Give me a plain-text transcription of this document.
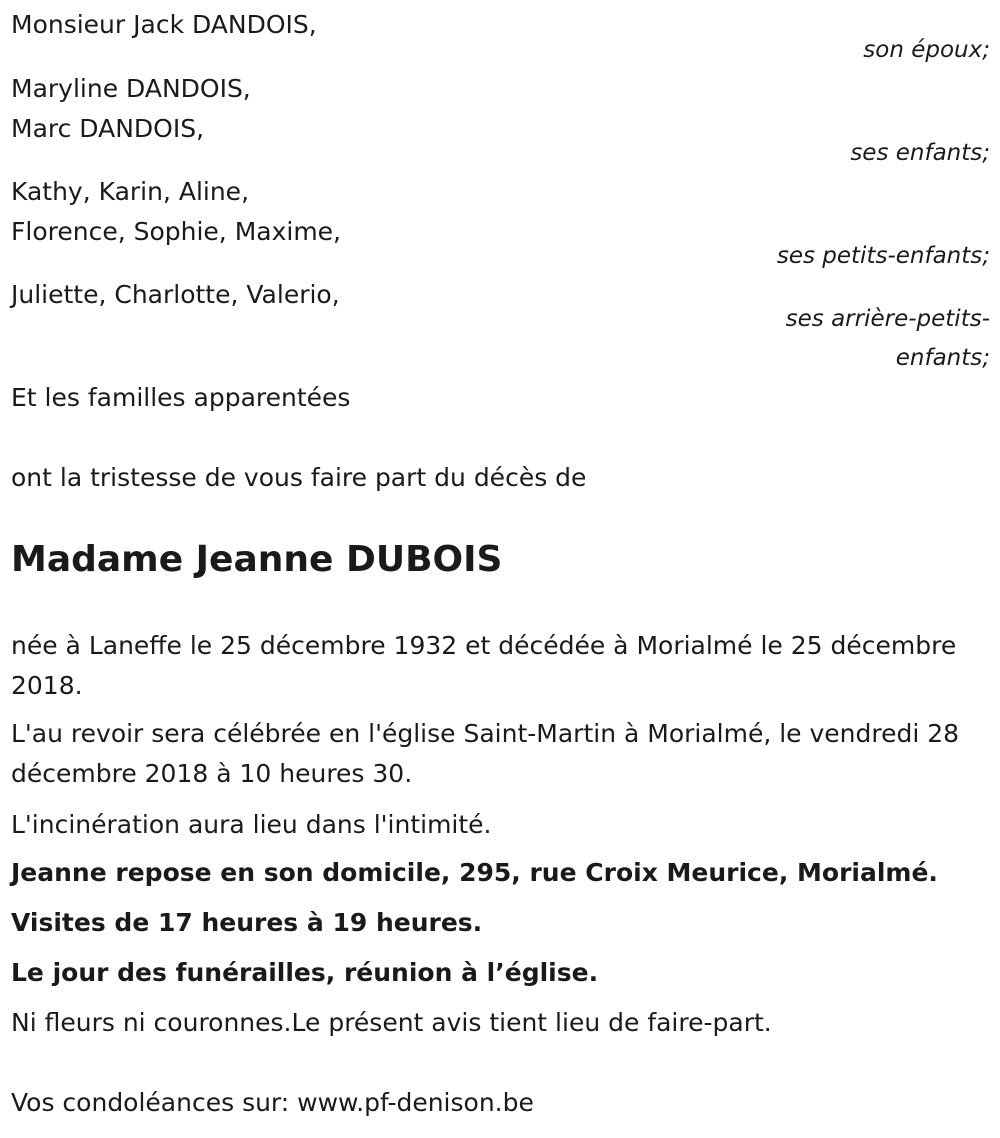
Monsieur Jack DANDOIS,
son époux;
Maryline DANDOIS,
Marc DANDOIS,
ses enfants;
Kathy, Karin, Aline,
Florence, Sophie, Maxime,
ses petits-enfants;
Juliette, Charlotte, Valerio,
ses arrière-petits-
enfants;
Et les familles apparentées
ont la tristesse de vous faire part du décès de
Madame Jeanne DUBOIS
née à Laneffe le 25 décembre 1932 et décédée à Morialmé le 25 décembre 2018.
L'au revoir sera célébrée en l'église Saint-Martin à Morialmé, le vendredi 28 décembre 2018 à 10 heures 30.
L'incinération aura lieu dans l'intimité.
Jeanne repose en son domicile, 295, rue Croix Meurice, Morialmé.
Visites de 17 heures à 19 heures.
Le jour des funérailles, réunion à l’église.
Ni fleurs ni couronnes.Le présent avis tient lieu de faire-part.
Vos condoléances sur: www.pf-denison.be
